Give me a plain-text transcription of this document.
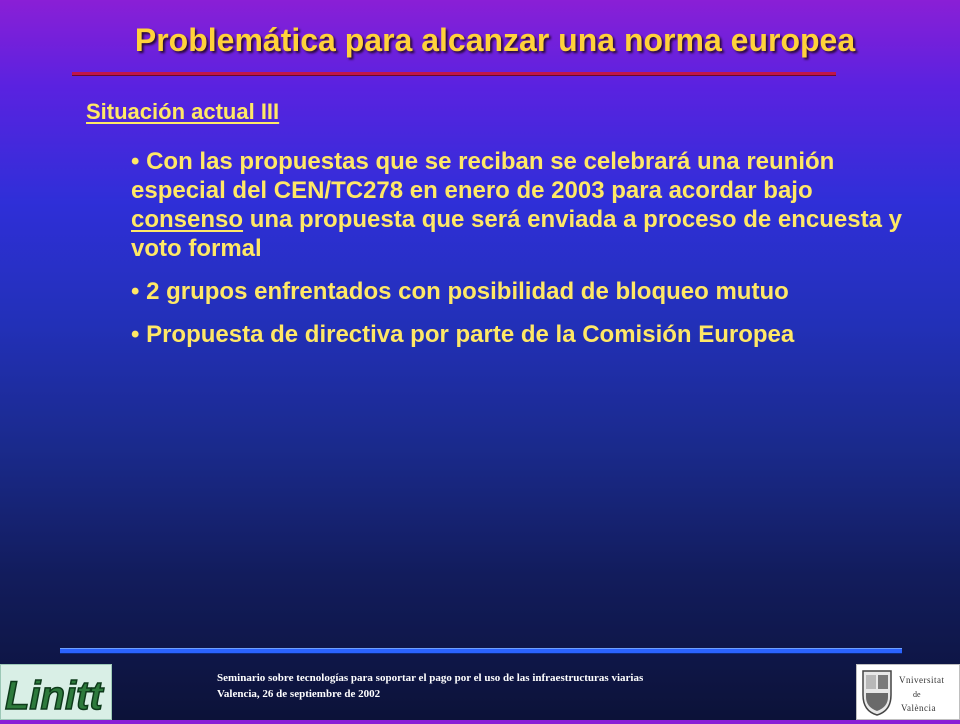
Problemática para alcanzar una norma europea
Situación actual III
• Con las propuestas que se reciban se celebrará una reunión especial del CEN/TC278 en enero de 2003 para acordar bajo consenso una propuesta que será enviada a proceso de encuesta y voto formal
• 2 grupos enfrentados con posibilidad de bloqueo mutuo
• Propuesta de directiva por parte de la Comisión Europea
Linitt	Seminario sobre tecnologías para soportar el pago por el uso de las infraestructuras viarias
Valencia, 26 de septiembre de 2002
Vniversitat
de
València
